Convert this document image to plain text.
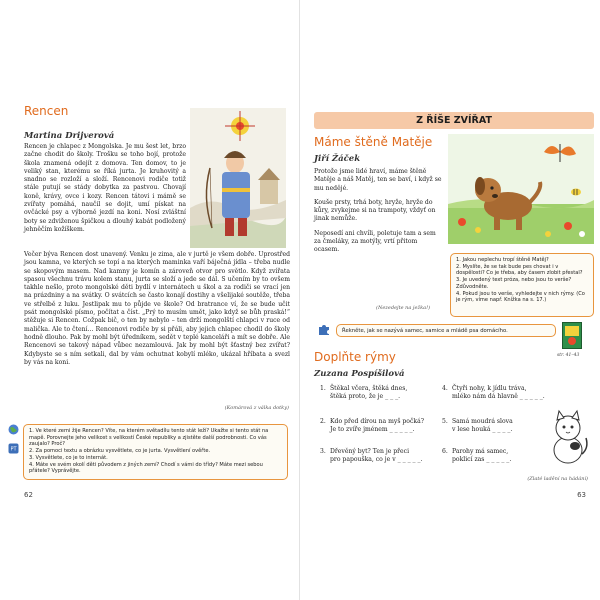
Rencen
Martina Drijverová

Rencen je chlapec z Mongolska. Je mu šest let, brzo začne chodit do školy. Trošku se toho bojí, protože škola znamená odejít z domova. Ten domov, to je veliký stan, kterému se říká jurta. Je kruhovitý a snadno se rozloží a složí. Rencenovi rodiče totiž stále putují se stády dobytka za pastvou. Chovají koně, krávy, ovce i kozy. Rencen tátovi i mámě se zvířaty pomáhá, naučil se dojit, umí pískat na ovčácké psy a výborně jezdí na koni. Nosí zvláštní boty se zdviženou špičkou a dlouhý kabát podložený jehněčím kožíškem.

Večer býva Rencen dost unavený. Venku je zima, ale v jurtě je všem dobře. Uprostřed jsou kamna, ve kterých se topí a na kterých maminka vaří báječná jídla – třeba nudle se skopovým masem. Nad kamny je komín a zároveň otvor pro světlo. Když zvířata spasou všechnu trávu kolem stanu, jurta se složí a jede se dál. S učením by to ovšem takhle nešlo, proto mongolské děti bydlí v internátech u škol a za rodiči se vrací jen na prázdniny a na svátky. O svátcích se často konají dostihy a všelijaké soutěže, třeba ve střelbě z luku. Jestlipak mu to půjde ve škole? Od bratrance ví, že se bude učit psát mongolské písmo, počítat a číst. „Prý to musím umět, jako když se bůh praská!“ stěžuje si Rencen. Cožpak bič, o ten by nebylo – ten drží mongolští chlapci v ruce od malička. Ale to čtení… Rencenovi rodiče by si přáli, aby jejich chlapec chodil do školy hodně dlouho. Pak by mohl být úředníkem, sedět v teplé kanceláři a mít se dobře. Ale Rencenovi se takový nápad vůbec nezamlouvá. Jak by mohl být šťastný bez zvířat? Kdybyste se s ním setkali, dal by vám ochutnat kobylí mléko, ukázal hříbata a svezl by vás na koni.

(Komárová z válka dotky)
PT
1. Ve které zemi žije Rencen? Víte, na kterém světadílu tento stát leží? Ukažte si tento stát na mapě. Porovnejte jeho velikost s velikostí České republiky a zjistěte další podrobnosti. Co vás zaujalo? Proč?
2. Za pomoci textu a obrázku vysvětlete, co je jurta. Vysvětlení ověřte.
3. Vysvětlete, co je to internát.
4. Máte ve svém okolí děti původem z jiných zemí? Chodí s vámi do třídy? Máte mezi sebou přátele? Vyprávějte.
62
Z ŘÍŠE ZVÍŘAT
Máme štěně Matěje
Jiří Žáček

Protože jsme lidé hraví, máme štěně Matěje a náš Matěj, ten se baví, i když se mu nedějé.

Kouše prsty, trhá boty, hryže, hryže do kůry, zvykejme si na trampoty, vždyť on jinak nemůže.

Neposedí ani chvíli, poletuje tam a sem za čmeláky, za motýly, vrtí přitom ocasem.

(Nezedejte na ježka!)
1. Jakou neplechu tropí štěně Matěj?
2. Myslíte, že se tak bude pes chovat i v dospělosti? Co je třeba, aby časem zlobit přestal?
3. Je uvedený text próza, nebo jsou to verše? Zdůvodněte.
4. Pokud jsou to verše, vyhledejte v nich rýmy. (Co je rým, víme např. Knížka na s. 17.)
Řekněte, jak se nazývá samec, samice a mládě psa domácího.
str. 41–43
Doplňte rýmy
Zuzana Pospíšilová
1. Štěkal včera, štěká dnes,
štěká proto, že je _ _ _.
2. Kdo před dírou na myš počká?
Je to zvíře jménem _ _ _ _ _.
3. Dřevěný byt? Ten je přeci
pro papouška, co je v _ _ _ _ _.
4. Čtyři nohy, k jídlu tráva,
mléko nám dá hlavně _ _ _ _ _.
5. Samá moudrá slova
v lese houká _ _ _ _.
6. Parohy má samec,
poklicí zas _ _ _ _ _.
(Zlaté ladění na hádání)
63
